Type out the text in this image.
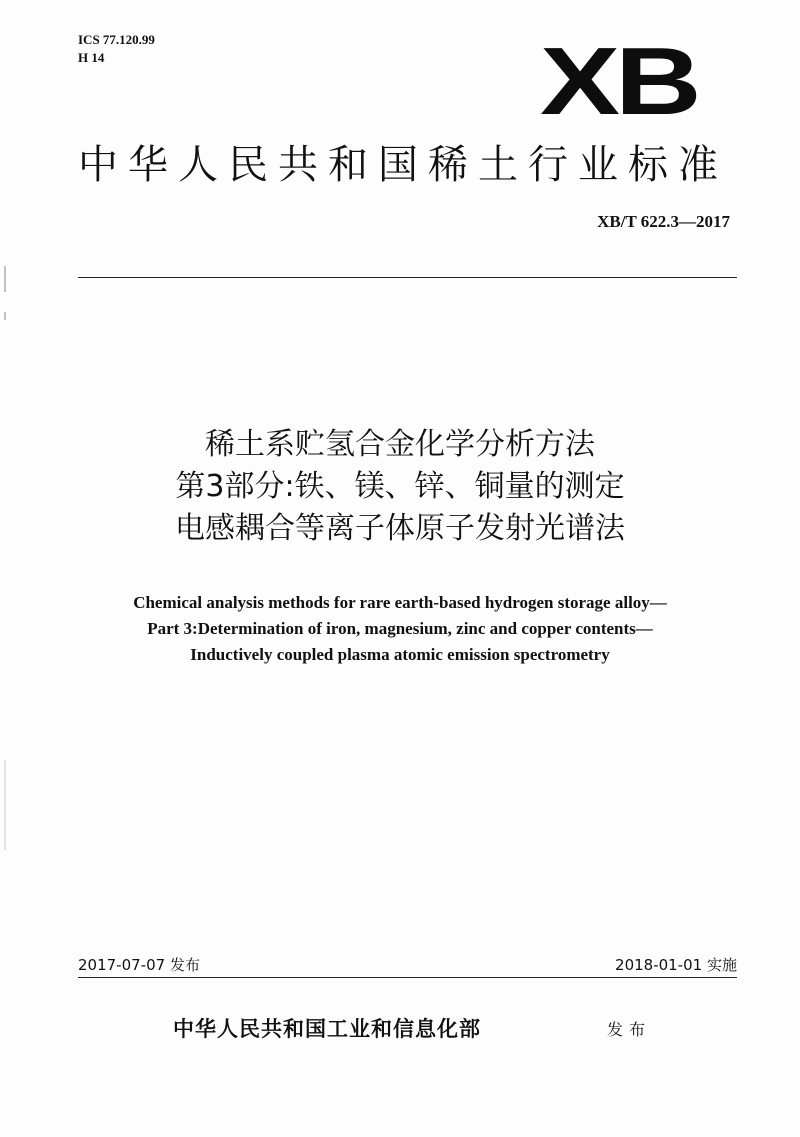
ICS 77.120.99
H 14	XB
中华人民共和国稀土行业标准
XB/T 622.3—2017
稀土系贮氢合金化学分析方法
第3部分:铁、镁、锌、铜量的测定
电感耦合等离子体原子发射光谱法
Chemical analysis methods for rare earth-based hydrogen storage alloy—
Part 3:Determination of iron, magnesium, zinc and copper contents—
Inductively coupled plasma atomic emission spectrometry
2017-07-07 发布	2018-01-01 实施
中华人民共和国工业和信息化部	发布
